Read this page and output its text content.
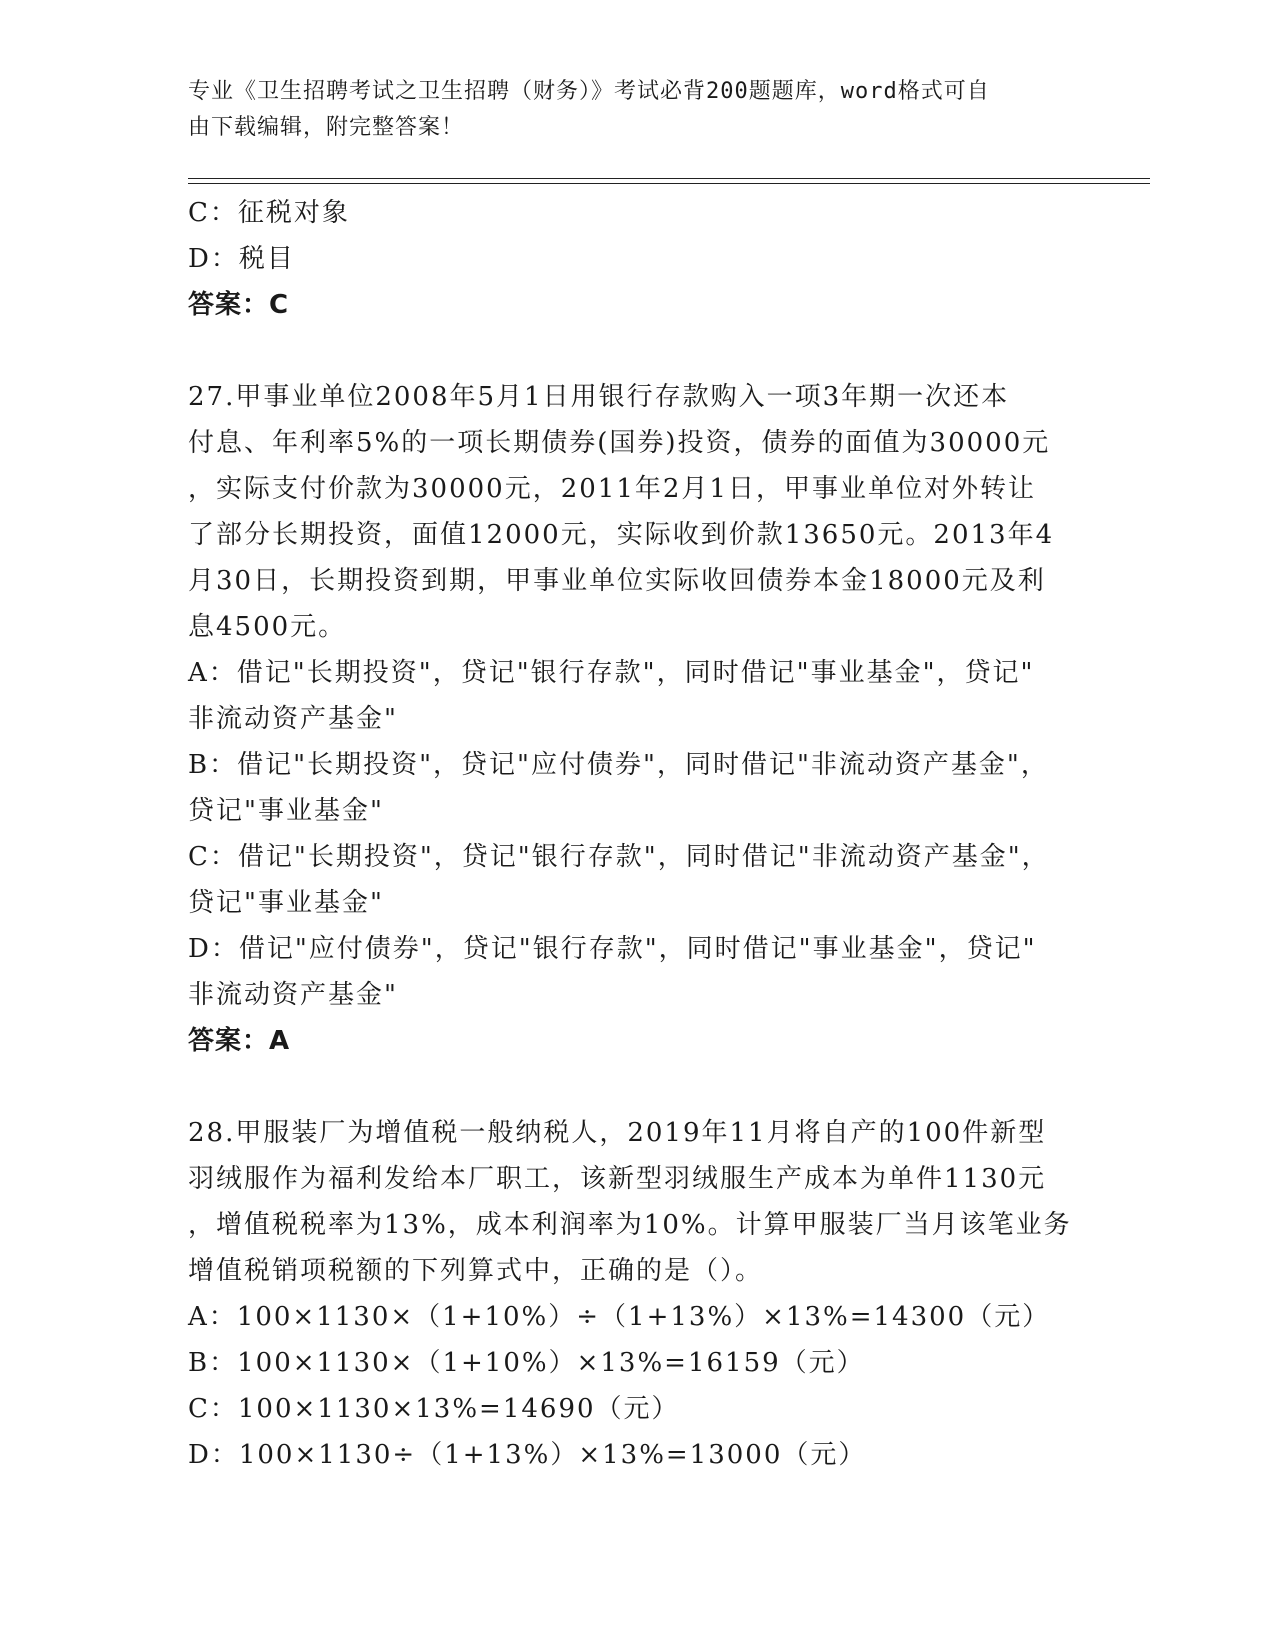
专业《卫生招聘考试之卫生招聘（财务）》考试必背200题题库，word格式可自
由下载编辑，附完整答案！
C：征税对象
D：税目
答案：C
27.甲事业单位2008年5月1日用银行存款购入一项3年期一次还本
付息、年利率5%的一项长期债券(国券)投资，债券的面值为30000元
，实际支付价款为30000元，2011年2月1日，甲事业单位对外转让
了部分长期投资，面值12000元，实际收到价款13650元。2013年4
月30日，长期投资到期，甲事业单位实际收回债券本金18000元及利
息4500元。
A：借记"长期投资"，贷记"银行存款"，同时借记"事业基金"，贷记"
非流动资产基金"
B：借记"长期投资"，贷记"应付债券"，同时借记"非流动资产基金"，
贷记"事业基金"
C：借记"长期投资"，贷记"银行存款"，同时借记"非流动资产基金"，
贷记"事业基金"
D：借记"应付债券"，贷记"银行存款"，同时借记"事业基金"，贷记"
非流动资产基金"
答案：A
28.甲服装厂为增值税一般纳税人，2019年11月将自产的100件新型
羽绒服作为福利发给本厂职工，该新型羽绒服生产成本为单件1130元
，增值税税率为13%，成本利润率为10%。计算甲服装厂当月该笔业务
增值税销项税额的下列算式中，正确的是（）。
A：100×1130×（1+10%）÷（1+13%）×13%=14300（元）
B：100×1130×（1+10%）×13%=16159（元）
C：100×1130×13%=14690（元）
D：100×1130÷（1+13%）×13%=13000（元）
